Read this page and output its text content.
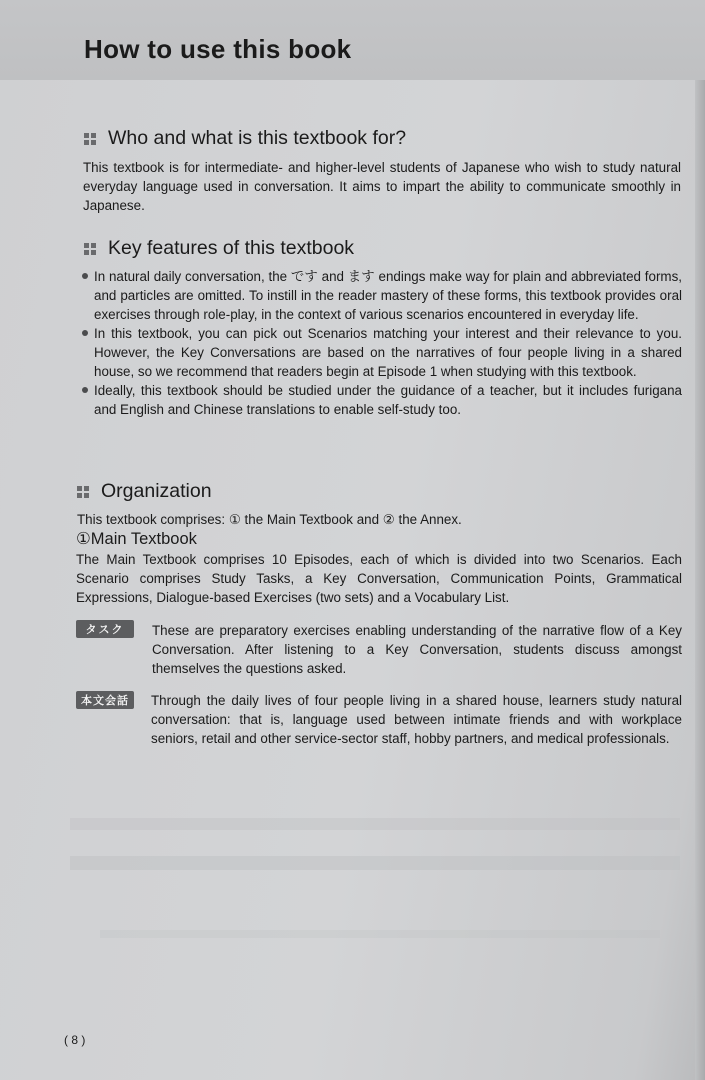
How to use this book
Who and what is this textbook for?
This textbook is for intermediate- and higher-level students of Japanese who wish to study natural everyday language used in conversation. It aims to impart the ability to communicate smoothly in Japanese.
Key features of this textbook
In natural daily conversation, the です and ます endings make way for plain and abbreviated forms, and particles are omitted. To instill in the reader mastery of these forms, this textbook provides oral exercises through role-play, in the context of various scenarios encountered in everyday life.
In this textbook, you can pick out Scenarios matching your interest and their relevance to you. However, the Key Conversations are based on the narratives of four people living in a shared house, so we recommend that readers begin at Episode 1 when studying with this textbook.
Ideally, this textbook should be studied under the guidance of a teacher, but it includes furigana and English and Chinese translations to enable self-study too.
Organization
This textbook comprises: ① the Main Textbook and ② the Annex.
①Main Textbook
The Main Textbook comprises 10 Episodes, each of which is divided into two Scenarios. Each Scenario comprises Study Tasks, a Key Conversation, Communication Points, Grammatical Expressions, Dialogue-based Exercises (two sets) and a Vocabulary List.
タスク	These are preparatory exercises enabling understanding of the narrative flow of a Key Conversation. After listening to a Key Conversation, students discuss amongst themselves the questions asked.
本文会話	Through the daily lives of four people living in a shared house, learners study natural conversation: that is, language used between intimate friends and with workplace seniors, retail and other service-sector staff, hobby partners, and medical professionals.
( 8 )
